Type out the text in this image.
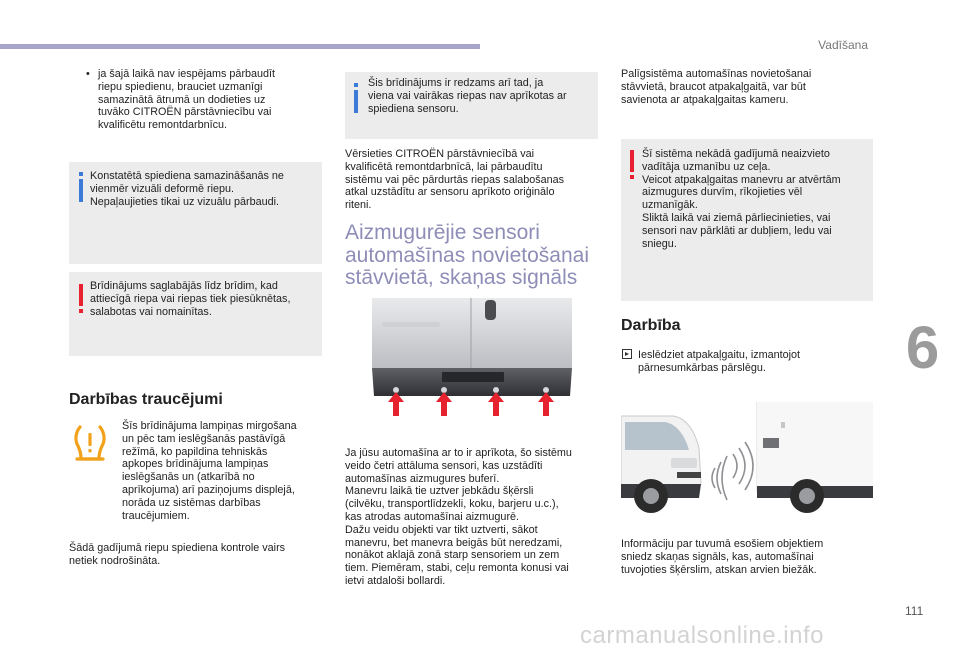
Vadīšana
6
• ja šajā laikā nav iespējams pārbaudīt
riepu spiedienu, brauciet uzmanīgi
samazinātā ātrumā un dodieties uz
tuvāko CITROËN pārstāvniecību vai
kvalificētu remontdarbnīcu.
Konstatētā spiediena samazināšanās ne
vienmēr vizuāli deformē riepu.
Nepaļaujieties tikai uz vizuālu pārbaudi.
Brīdinājums saglabājās līdz brīdim, kad
attiecīgā riepa vai riepas tiek piesūknētas,
salabotas vai nomainītas.
Darbības traucējumi
Šīs brīdinājuma lampiņas mirgošana
un pēc tam ieslēgšanās pastāvīgā
režīmā, ko papildina tehniskās
apkopes brīdinājuma lampiņas
ieslēgšanās un (atkarībā no
aprīkojuma) arī paziņojums displejā,
norāda uz sistēmas darbības
traucējumiem.
Šādā gadījumā riepu spiediena kontrole vairs
netiek nodrošināta.
Šis brīdinājums ir redzams arī tad, ja
viena vai vairākas riepas nav aprīkotas ar
spiediena sensoru.
Vērsieties CITROËN pārstāvniecībā vai
kvalificētā remontdarbnīcā, lai pārbaudītu
sistēmu vai pēc pārdurtās riepas salabošanas
atkal uzstādītu ar sensoru aprīkoto oriģinālo
riteni.
Aizmugurējie sensori
automašīnas novietošanai
stāvvietā, skaņas signāls
Ja jūsu automašīna ar to ir aprīkota, šo sistēmu
veido četri attāluma sensori, kas uzstādīti
automašīnas aizmugures buferī.
Manevru laikā tie uztver jebkādu šķērsli
(cilvēku, transportlīdzekli, koku, barjeru u.c.),
kas atrodas automašīnai aizmugurē.
Dažu veidu objekti var tikt uztverti, sākot
manevru, bet manevra beigās būt neredzami,
nonākot aklajā zonā starp sensoriem un zem
tiem. Piemēram, stabi, ceļu remonta konusi vai
ietvi atdaloši bollardi.
Palīgsistēma automašīnas novietošanai
stāvvietā, braucot atpakaļgaitā, var būt
savienota ar atpakaļgaitas kameru.
Šī sistēma nekādā gadījumā neaizvieto
vadītāja uzmanību uz ceļa.
Veicot atpakaļgaitas manevru ar atvērtām
aizmugures durvīm, rīkojieties vēl
uzmanīgāk.
Sliktā laikā vai ziemā pārliecinieties, vai
sensori nav pārklāti ar dubļiem, ledu vai
sniegu.
Darbība
Ieslēdziet atpakaļgaitu, izmantojot
pārnesumkārbas pārslēgu.
Informāciju par tuvumā esošiem objektiem
sniedz skaņas signāls, kas, automašīnai
tuvojoties šķērslim, atskan arvien biežāk.
111
carmanualsonline.info
